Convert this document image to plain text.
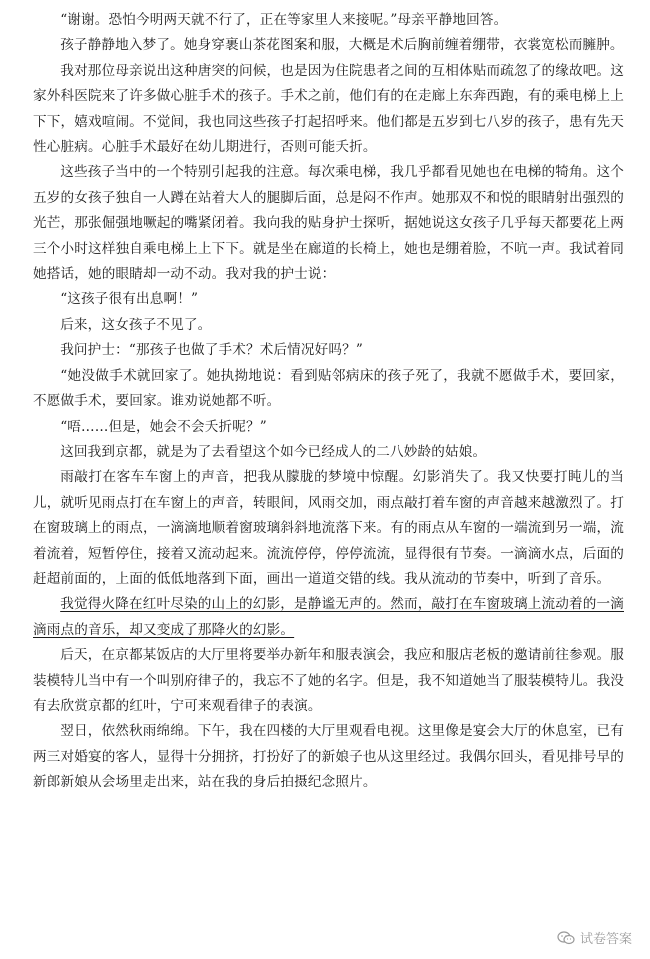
“谢谢。恐怕今明两天就不行了，正在等家里人来接呢。”母亲平静地回答。

孩子静静地入梦了。她身穿裹山茶花图案和服，大概是术后胸前缠着绷带，衣裳宽松而臃肿。

我对那位母亲说出这种唐突的问候，也是因为住院患者之间的互相体贴而疏忽了的缘故吧。这家外科医院来了许多做心脏手术的孩子。手术之前，他们有的在走廊上东奔西跑，有的乘电梯上上下下，嬉戏喧闹。不觉间，我也同这些孩子打起招呼来。他们都是五岁到七八岁的孩子，患有先天性心脏病。心脏手术最好在幼儿期进行，否则可能夭折。

这些孩子当中的一个特别引起我的注意。每次乘电梯，我几乎都看见她也在电梯的犄角。这个五岁的女孩子独自一人蹲在站着大人的腿脚后面，总是闷不作声。她那双不和悦的眼睛射出强烈的光芒，那张倔强地噘起的嘴紧闭着。我向我的贴身护士探听，据她说这女孩子几乎每天都要花上两三个小时这样独自乘电梯上上下下。就是坐在廊道的长椅上，她也是绷着脸，不吭一声。我试着同她搭话，她的眼睛却一动不动。我对我的护士说：

“这孩子很有出息啊！”

后来，这女孩子不见了。

我问护士：“那孩子也做了手术？术后情况好吗？”

“她没做手术就回家了。她执拗地说：看到贴邻病床的孩子死了，我就不愿做手术，要回家，不愿做手术，要回家。谁劝说她都不听。

“唔……但是，她会不会夭折呢？”

这回我到京都，就是为了去看望这个如今已经成人的二八妙龄的姑娘。

雨敲打在客车车窗上的声音，把我从朦胧的梦境中惊醒。幻影消失了。我又快要打盹儿的当儿，就听见雨点打在车窗上的声音，转眼间，风雨交加，雨点敲打着车窗的声音越来越激烈了。打在窗玻璃上的雨点，一滴滴地顺着窗玻璃斜斜地流落下来。有的雨点从车窗的一端流到另一端，流着流着，短暂停住，接着又流动起来。流流停停，停停流流，显得很有节奏。一滴滴水点，后面的赶超前面的，上面的低低地落到下面，画出一道道交错的线。我从流动的节奏中，听到了音乐。

我觉得火降在红叶尽染的山上的幻影，是静谧无声的。然而，敲打在车窗玻璃上流动着的一滴滴雨点的音乐，却又变成了那降火的幻影。

后天，在京都某饭店的大厅里将要举办新年和服表演会，我应和服店老板的邀请前往参观。服装模特儿当中有一个叫别府律子的，我忘不了她的名字。但是，我不知道她当了服装模特儿。我没有去欣赏京都的红叶，宁可来观看律子的表演。

翌日，依然秋雨绵绵。下午，我在四楼的大厅里观看电视。这里像是宴会大厅的休息室，已有两三对婚宴的客人，显得十分拥挤，打扮好了的新娘子也从这里经过。我偶尔回头，看见排号早的新郎新娘从会场里走出来，站在我的身后拍摄纪念照片。

试卷答案
